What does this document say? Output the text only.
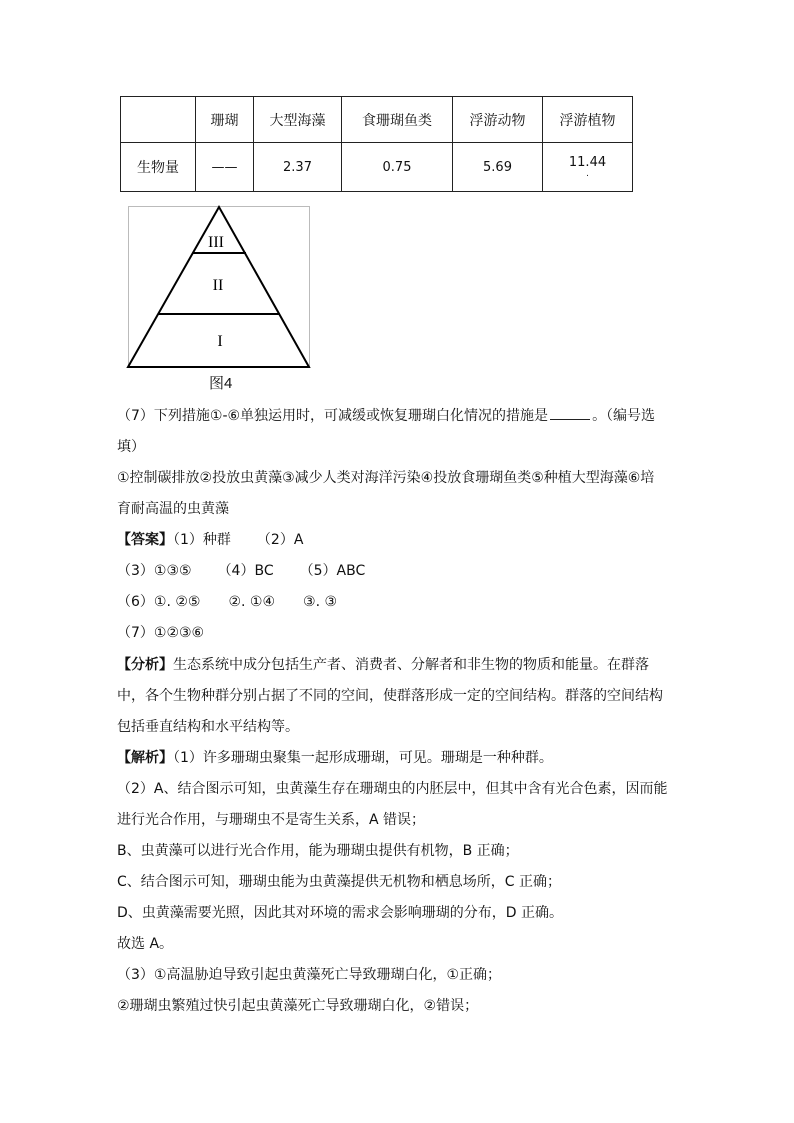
	珊瑚	大型海藻	食珊瑚鱼类	浮游动物	浮游植物
生物量	——	2.37	0.75	5.69	11.44
.
III
II
I
图4
（7）下列措施①-⑥单独运用时，可减缓或恢复珊瑚白化情况的措施是	。（编号选
填）
①控制碳排放②投放虫黄藻③减少人类对海洋污染④投放食珊瑚鱼类⑤种植大型海藻⑥培
育耐高温的虫黄藻
【答案】（1）种群 （2）A
（3）①③⑤ （4）BC （5）ABC
（6）①. ②⑤　　②. ①④　　③. ③
（7）①②③⑥
【分析】生态系统中成分包括生产者、消费者、分解者和非生物的物质和能量。在群落
中，各个生物种群分别占据了不同的空间，使群落形成一定的空间结构。群落的空间结构
包括垂直结构和水平结构等。
【解析】（1）许多珊瑚虫聚集一起形成珊瑚，可见。珊瑚是一种种群。
（2）A、结合图示可知，虫黄藻生存在珊瑚虫的内胚层中，但其中含有光合色素，因而能
进行光合作用，与珊瑚虫不是寄生关系，A 错误；
B、虫黄藻可以进行光合作用，能为珊瑚虫提供有机物，B 正确；
C、结合图示可知，珊瑚虫能为虫黄藻提供无机物和栖息场所，C 正确；
D、虫黄藻需要光照，因此其对环境的需求会影响珊瑚的分布，D 正确。
故选 A。
（3）①高温胁迫导致引起虫黄藻死亡导致珊瑚白化，①正确；
②珊瑚虫繁殖过快引起虫黄藻死亡导致珊瑚白化，②错误；
